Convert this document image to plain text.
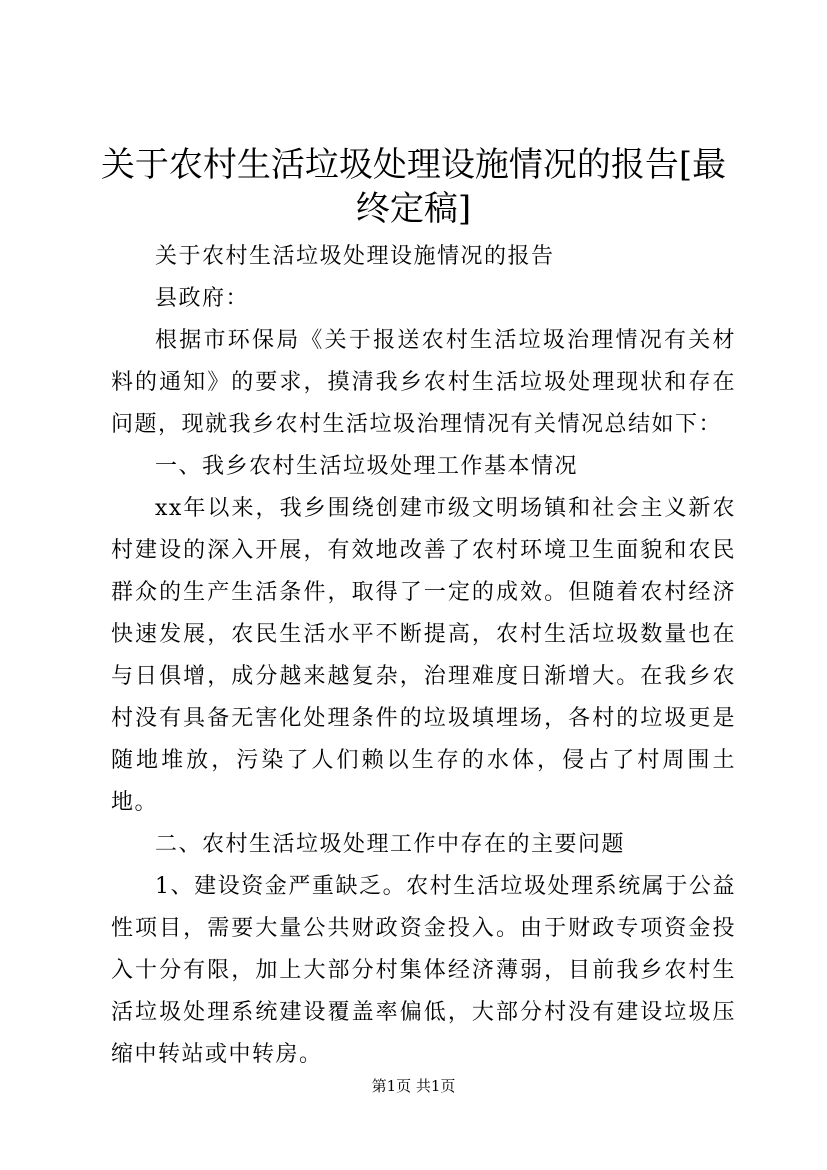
关于农村生活垃圾处理设施情况的报告[最终定稿]

关于农村生活垃圾处理设施情况的报告

县政府：

根据市环保局《关于报送农村生活垃圾治理情况有关材料的通知》的要求，摸清我乡农村生活垃圾处理现状和存在问题，现就我乡农村生活垃圾治理情况有关情况总结如下：

一、我乡农村生活垃圾处理工作基本情况

xx年以来，我乡围绕创建市级文明场镇和社会主义新农村建设的深入开展，有效地改善了农村环境卫生面貌和农民群众的生产生活条件，取得了一定的成效。但随着农村经济快速发展，农民生活水平不断提高，农村生活垃圾数量也在与日俱增，成分越来越复杂，治理难度日渐增大。在我乡农村没有具备无害化处理条件的垃圾填埋场，各村的垃圾更是随地堆放，污染了人们赖以生存的水体，侵占了村周围土地。

二、农村生活垃圾处理工作中存在的主要问题

1、建设资金严重缺乏。农村生活垃圾处理系统属于公益性项目，需要大量公共财政资金投入。由于财政专项资金投入十分有限，加上大部分村集体经济薄弱，目前我乡农村生活垃圾处理系统建设覆盖率偏低，大部分村没有建设垃圾压缩中转站或中转房。

第1页 共1页
